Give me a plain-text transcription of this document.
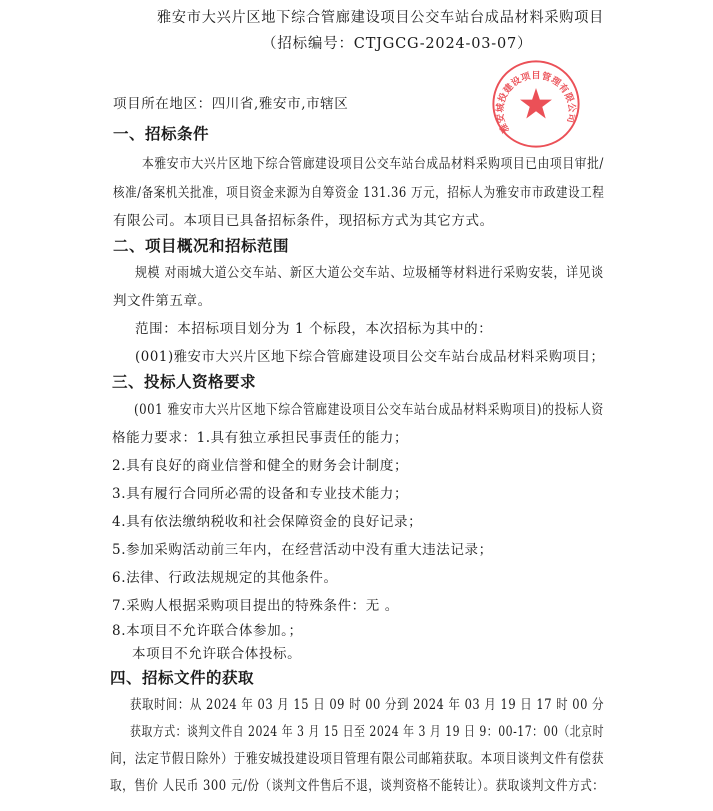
雅安市大兴片区地下综合管廊建设项目公交车站台成品材料采购项目
（招标编号：CTJGCG-2024-03-07）
雅安城投建设项目管理有限公司
项目所在地区：四川省,雅安市,市辖区
一、招标条件
本雅安市大兴片区地下综合管廊建设项目公交车站台成品材料采购项目已由项目审批/
核准/备案机关批准，项目资金来源为自筹资金 131.36 万元，招标人为雅安市市政建设工程
有限公司。本项目已具备招标条件，现招标方式为其它方式。
二、项目概况和招标范围
规模 对雨城大道公交车站、新区大道公交车站、垃圾桶等材料进行采购安装，详见谈
判文件第五章。
范围：本招标项目划分为 1 个标段，本次招标为其中的：
(001)雅安市大兴片区地下综合管廊建设项目公交车站台成品材料采购项目；
三、投标人资格要求
(001 雅安市大兴片区地下综合管廊建设项目公交车站台成品材料采购项目)的投标人资
格能力要求：1.具有独立承担民事责任的能力；
2.具有良好的商业信誉和健全的财务会计制度；
3.具有履行合同所必需的设备和专业技术能力；
4.具有依法缴纳税收和社会保障资金的良好记录；
5.参加采购活动前三年内，在经营活动中没有重大违法记录；
6.法律、行政法规规定的其他条件。
7.采购人根据采购项目提出的特殊条件：无 。
8.本项目不允许联合体参加。；
本项目不允许联合体投标。
四、招标文件的获取
获取时间：从 2024 年 03 月 15 日 09 时 00 分到 2024 年 03 月 19 日 17 时 00 分
获取方式：谈判文件自 2024 年 3 月 15 日至 2024 年 3 月 19 日 9：00-17：00（北京时
间，法定节假日除外）于雅安城投建设项目管理有限公司邮箱获取。本项目谈判文件有偿获
取，售价 人民币 300 元/份（谈判文件售后不退，谈判资格不能转让）。获取谈判文件方式：
